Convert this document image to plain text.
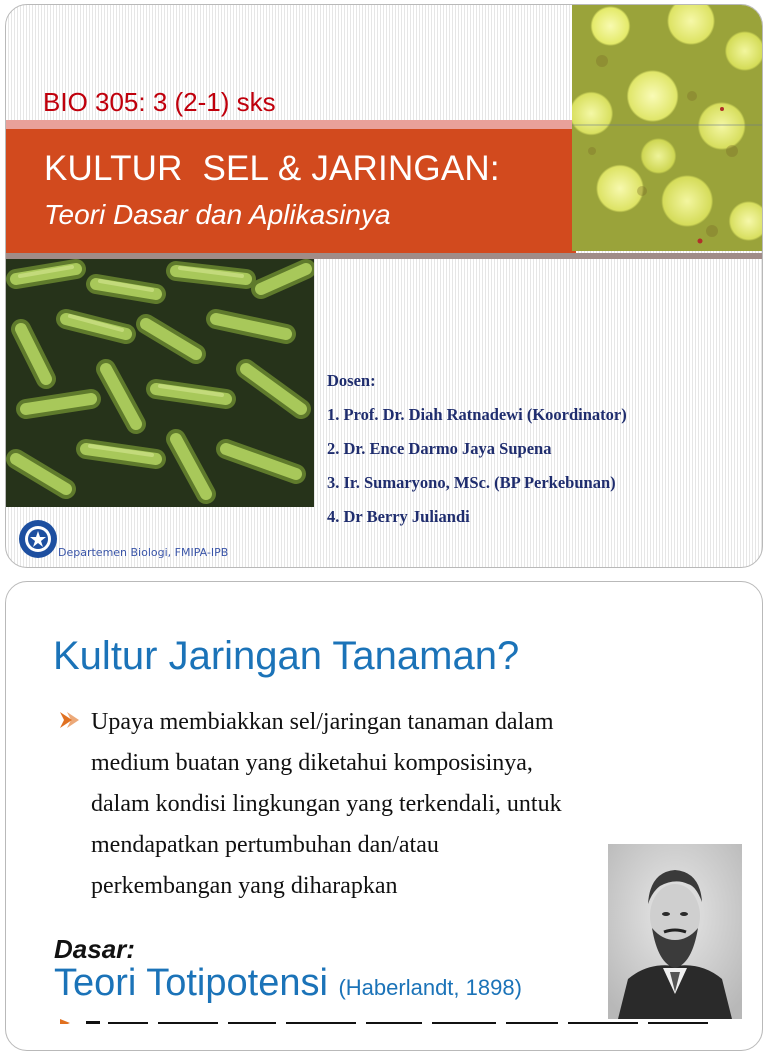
BIO 305: 3 (2-1) sks
KULTUR  SEL & JARINGAN:
Teori Dasar dan Aplikasinya
Dosen:
1. Prof. Dr. Diah Ratnadewi (Koordinator)
2. Dr. Ence Darmo Jaya Supena
3. Ir. Sumaryono, MSc. (BP Perkebunan)
4. Dr Berry Juliandi
Departemen Biologi, FMIPA-IPB
Kultur Jaringan Tanaman?
Upaya membiakkan sel/jaringan tanaman dalam
medium buatan yang diketahui komposisinya,
dalam kondisi lingkungan yang terkendali, untuk
mendapatkan pertumbuhan dan/atau
perkembangan yang diharapkan
Dasar:
Teori Totipotensi (Haberlandt, 1898)
